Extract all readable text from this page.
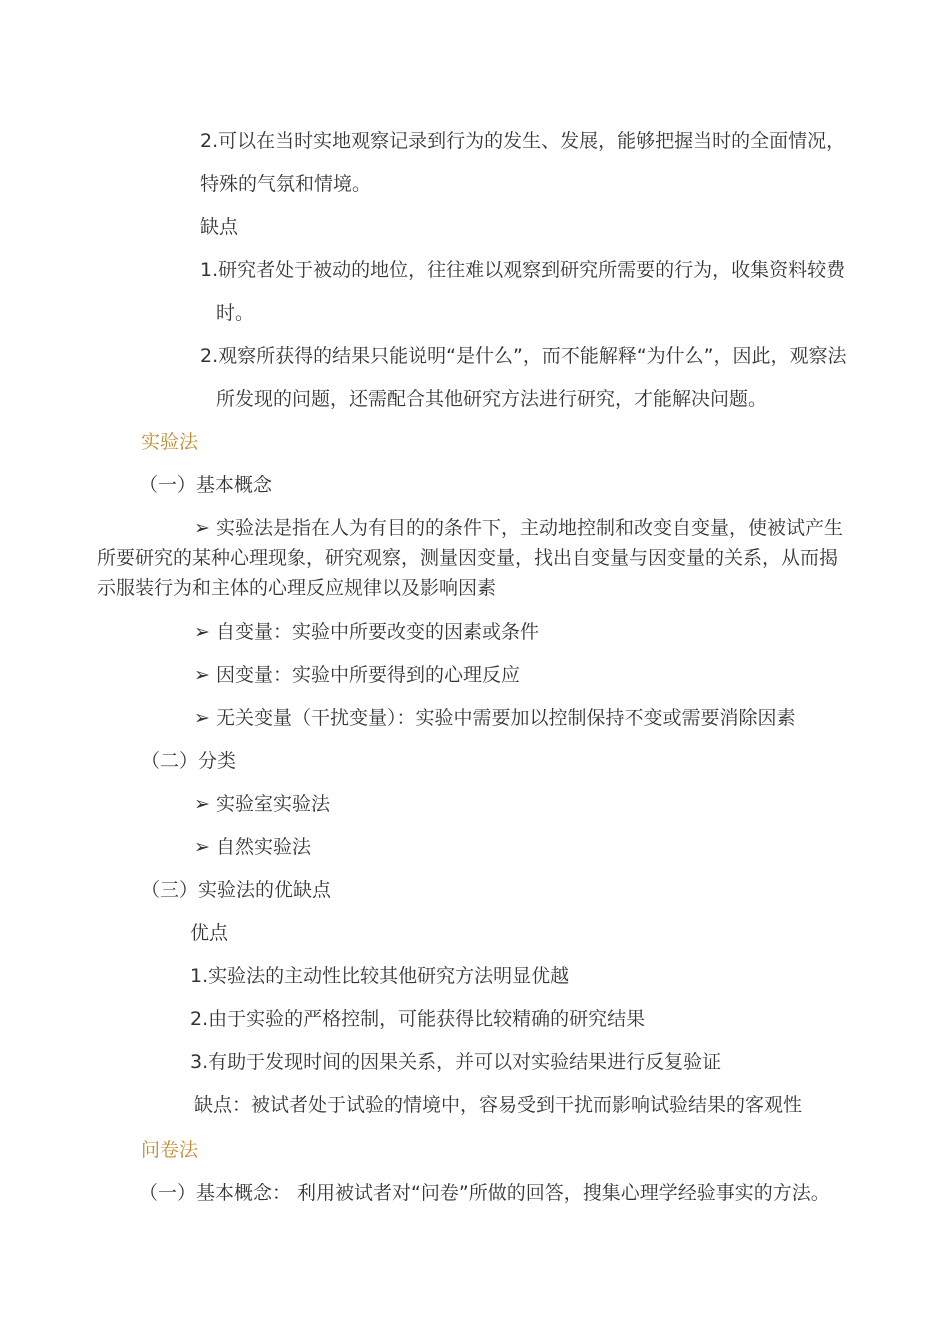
2.可以在当时实地观察记录到行为的发生、发展，能够把握当时的全面情况，
特殊的气氛和情境。
缺点
1.研究者处于被动的地位，往往难以观察到研究所需要的行为，收集资料较费
时。
2.观察所获得的结果只能说明“是什么”，而不能解释“为什么”，因此，观察法
所发现的问题，还需配合其他研究方法进行研究，才能解决问题。
实验法
（一）基本概念
➢ 实验法是指在人为有目的的条件下，主动地控制和改变自变量，使被试产生
所要研究的某种心理现象，研究观察，测量因变量，找出自变量与因变量的关系，从而揭
示服装行为和主体的心理反应规律以及影响因素
➢ 自变量：实验中所要改变的因素或条件
➢ 因变量：实验中所要得到的心理反应
➢ 无关变量（干扰变量）：实验中需要加以控制保持不变或需要消除因素
（二）分类
➢ 实验室实验法
➢ 自然实验法
（三）实验法的优缺点
优点
1.实验法的主动性比较其他研究方法明显优越
2.由于实验的严格控制，可能获得比较精确的研究结果
3.有助于发现时间的因果关系，并可以对实验结果进行反复验证
缺点：被试者处于试验的情境中，容易受到干扰而影响试验结果的客观性
问卷法
（一）基本概念： 利用被试者对“问卷”所做的回答，搜集心理学经验事实的方法。
